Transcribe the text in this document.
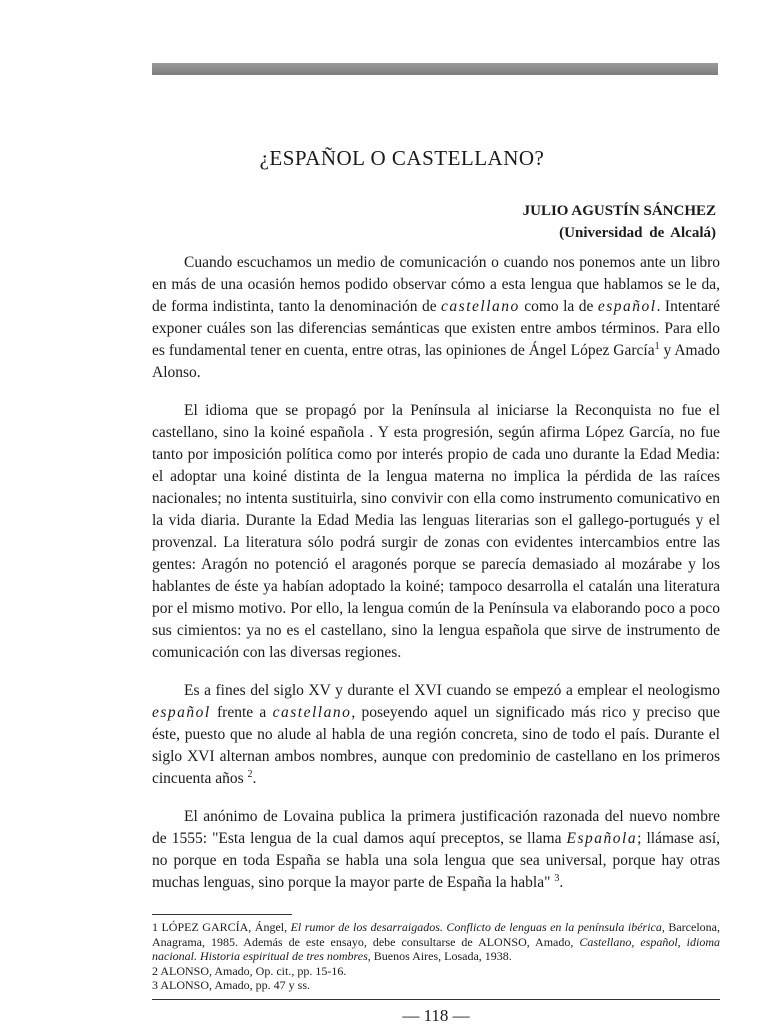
¿ESPAÑOL O CASTELLANO?
JULIO AGUSTÍN SÁNCHEZ
(Universidad de Alcalá)

Cuando escuchamos un medio de comunicación o cuando nos ponemos ante un libro en más de una ocasión hemos podido observar cómo a esta lengua que hablamos se le da, de forma indistinta, tanto la denominación de castellano como la de español. Intentaré exponer cuáles son las diferencias semánticas que existen entre ambos términos. Para ello es fundamental tener en cuenta, entre otras, las opiniones de Ángel López García$^1$ y Amado Alonso.

El idioma que se propagó por la Península al iniciarse la Reconquista no fue el castellano, sino la koiné española . Y esta progresión, según afirma López García, no fue tanto por imposición política como por interés propio de cada uno durante la Edad Media: el adoptar una koiné distinta de la lengua materna no implica la pérdida de las raíces nacionales; no intenta sustituirla, sino convivir con ella como instrumento comunicativo en la vida diaria. Durante la Edad Media las lenguas literarias son el gallego-portugués y el provenzal. La literatura sólo podrá surgir de zonas con evidentes intercambios entre las gentes: Aragón no potenció el aragonés porque se parecía demasiado al mozárabe y los hablantes de éste ya habían adoptado la koiné; tampoco desarrolla el catalán una literatura por el mismo motivo. Por ello, la lengua común de la Península va elaborando poco a poco sus cimientos: ya no es el castellano, sino la lengua española que sirve de instrumento de comunicación con las diversas regiones.

Es a fines del siglo XV y durante el XVI cuando se empezó a emplear el neologismo español frente a castellano, poseyendo aquel un significado más rico y preciso que éste, puesto que no alude al habla de una región concreta, sino de todo el país. Durante el siglo XVI alternan ambos nombres, aunque con predominio de castellano en los primeros cincuenta años $^2$.

El anónimo de Lovaina publica la primera justificación razonada del nuevo nombre de 1555: "Esta lengua de la cual damos aquí preceptos, se llama Española; llámase así, no porque en toda España se habla una sola lengua que sea universal, porque hay otras muchas lenguas, sino porque la mayor parte de España la habla" $^3$.

1 LÓPEZ GARCÍA, Ángel, El rumor de los desarraigados. Conflicto de lenguas en la península ibérica, Barcelona, Anagrama, 1985. Además de este ensayo, debe consultarse de ALONSO, Amado, Castellano, español, idioma nacional. Historia espiritual de tres nombres, Buenos Aires, Losada, 1938.
2 ALONSO, Amado, Op. cit., pp. 15-16.
3 ALONSO, Amado, pp. 47 y ss.
— 118 —
